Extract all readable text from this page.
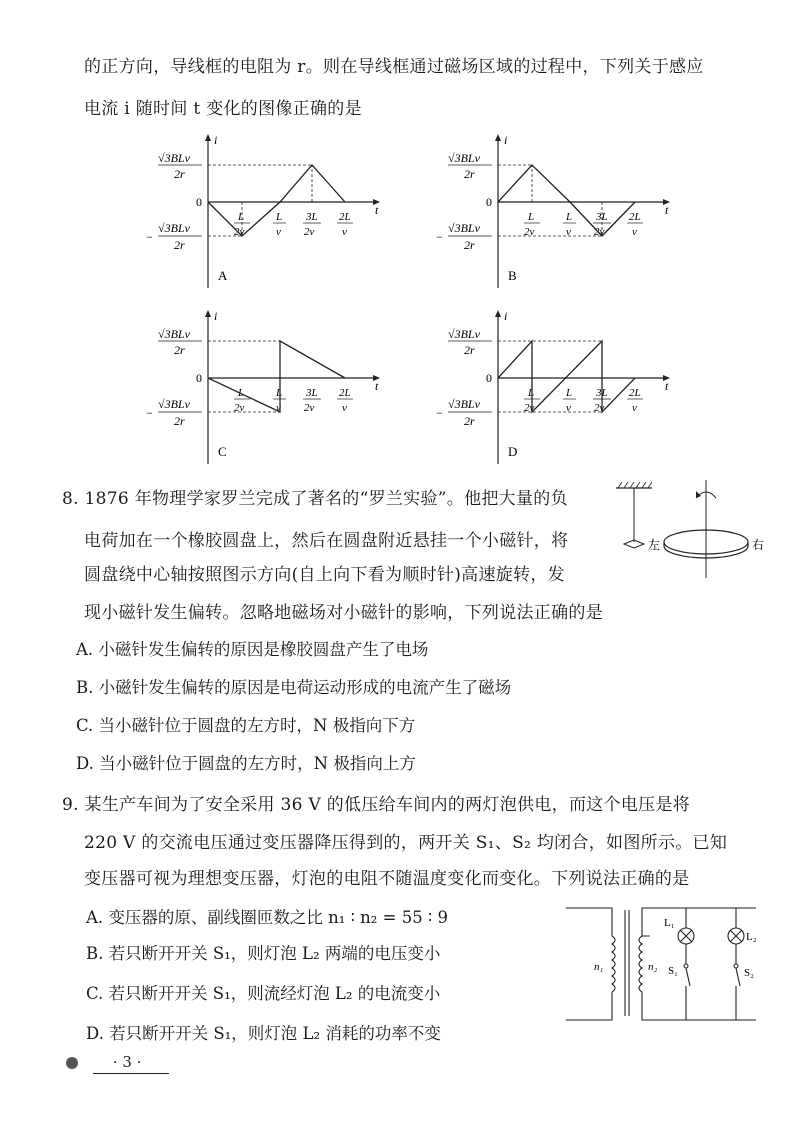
的正方向，导线框的电阻为 r。则在导线框通过磁场区域的过程中，下列关于感应
电流 i 随时间 t 变化的图像正确的是
i
t
0
√3BLv
2r
−
√3BLv
2r
L
2v
L
v
3L
2v
2L
v
A
i
t
0
√3BLv
2r
−
√3BLv
2r
L
2v
L
v
3L
2v
2L
v
B
i
t
0
√3BLv
2r
−
√3BLv
2r
L
2v
L
v
3L
2v
2L
v
C
i
t
0
√3BLv
2r
−
√3BLv
2r
L
2v
L
v
3L
2v
2L
v
D
8. 1876 年物理学家罗兰完成了著名的“罗兰实验”。他把大量的负
电荷加在一个橡胶圆盘上，然后在圆盘附近悬挂一个小磁针，将
圆盘绕中心轴按照图示方向(自上向下看为顺时针)高速旋转，发
现小磁针发生偏转。忽略地磁场对小磁针的影响，下列说法正确的是
A. 小磁针发生偏转的原因是橡胶圆盘产生了电场
B. 小磁针发生偏转的原因是电荷运动形成的电流产生了磁场
C. 当小磁针位于圆盘的左方时，N 极指向下方
D. 当小磁针位于圆盘的左方时，N 极指向上方
左	右
9. 某生产车间为了安全采用 36 V 的低压给车间内的两灯泡供电，而这个电压是将
220 V 的交流电压通过变压器降压得到的，两开关 S₁、S₂ 均闭合，如图所示。已知
变压器可视为理想变压器，灯泡的电阻不随温度变化而变化。下列说法正确的是
A. 变压器的原、副线圈匝数之比 n₁ ∶ n₂ = 55 ∶ 9
B. 若只断开开关 S₁，则灯泡 L₂ 两端的电压变小
C. 若只断开开关 S₁，则流经灯泡 L₂ 的电流变小
D. 若只断开开关 S₁，则灯泡 L₂ 消耗的功率不变
n₁	n₂
L₁
L₂
S₁	S₂
· 3 ·
